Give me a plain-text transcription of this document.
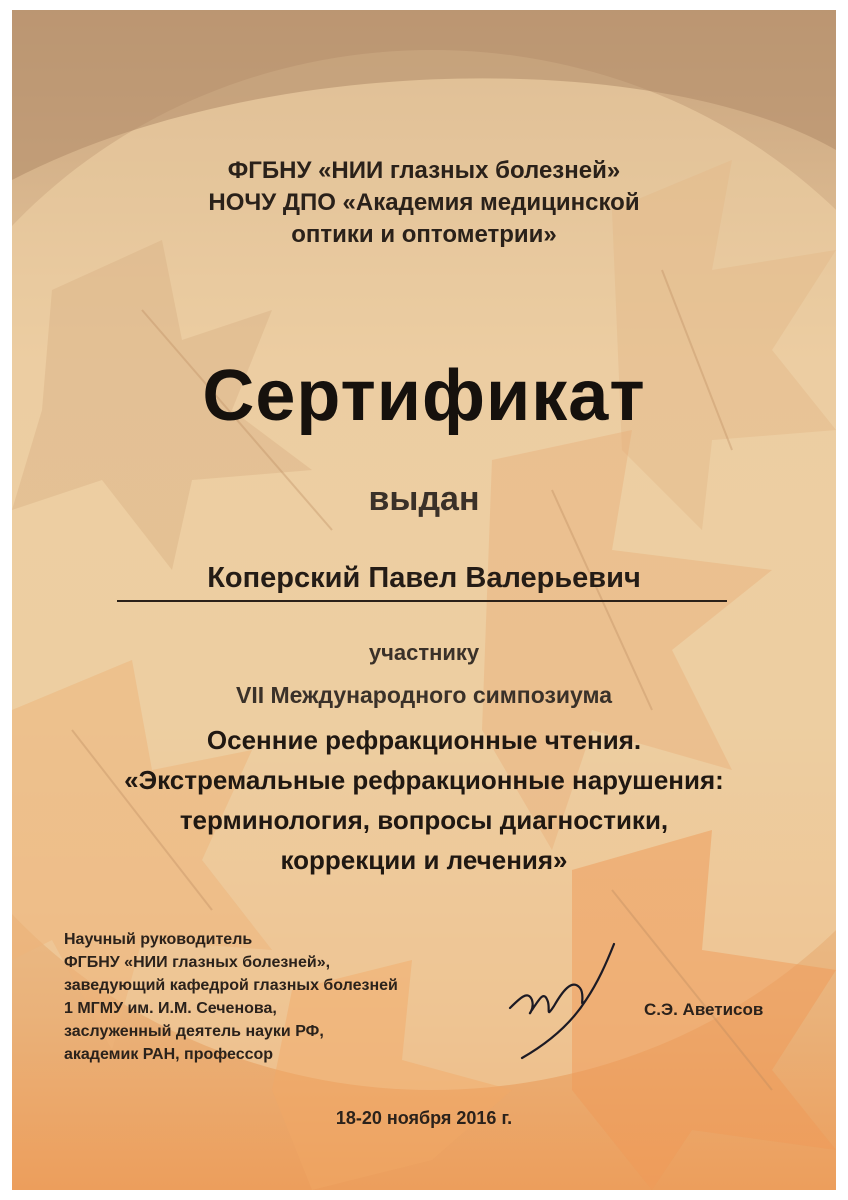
ФГБНУ «НИИ глазных болезней»
НОЧУ ДПО «Академия медицинской
оптики и оптометрии»
Сертификат
выдан
Коперский Павел Валерьевич
участнику
VII Международного симпозиума
Осенние рефракционные чтения.
«Экстремальные рефракционные нарушения:
терминология, вопросы диагностики,
коррекции и лечения»
Научный руководитель
ФГБНУ «НИИ глазных болезней»,
заведующий кафедрой глазных болезней
1 МГМУ им. И.М. Сеченова,
заслуженный деятель науки РФ,
академик РАН, профессор
С.Э. Аветисов
18-20 ноября 2016 г.
